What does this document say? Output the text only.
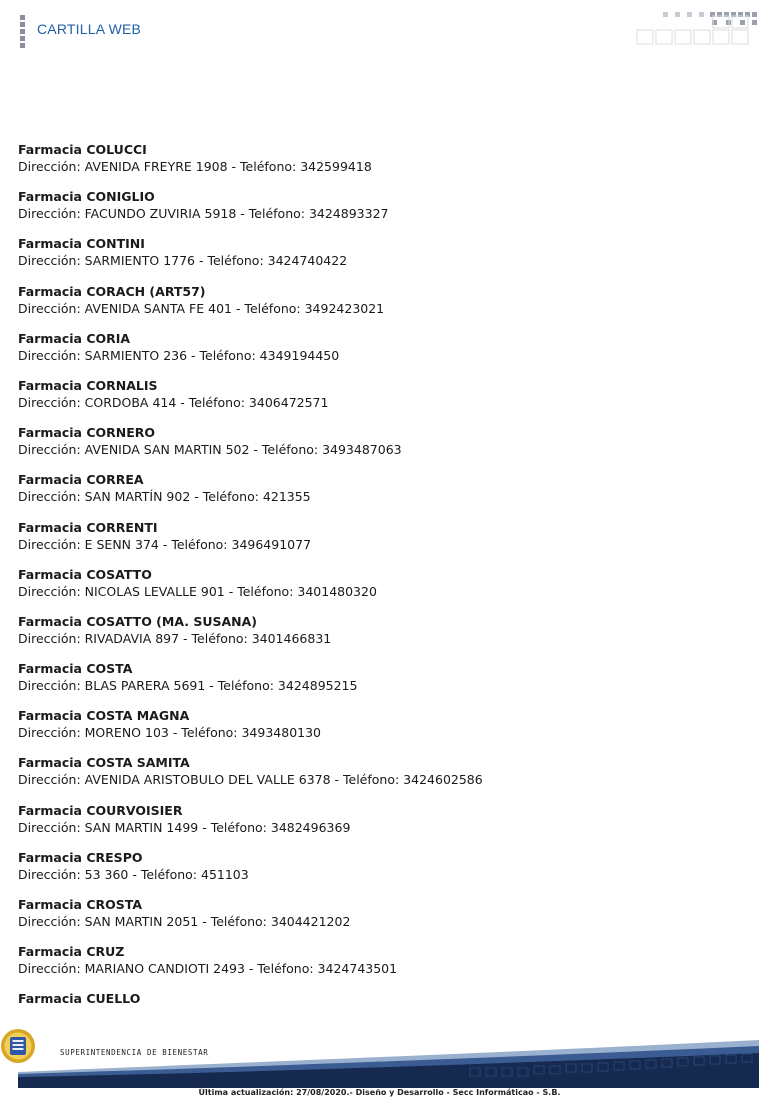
CARTILLA WEB
Farmacia COLUCCI
Dirección: AVENIDA FREYRE 1908 - Teléfono: 342599418
Farmacia CONIGLIO
Dirección: FACUNDO ZUVIRIA 5918 - Teléfono: 3424893327
Farmacia CONTINI
Dirección: SARMIENTO 1776 - Teléfono: 3424740422
Farmacia CORACH (ART57)
Dirección: AVENIDA SANTA FE 401 - Teléfono: 3492423021
Farmacia CORIA
Dirección: SARMIENTO 236 - Teléfono: 4349194450
Farmacia CORNALIS
Dirección: CORDOBA 414 - Teléfono: 3406472571
Farmacia CORNERO
Dirección: AVENIDA SAN MARTIN 502 - Teléfono: 3493487063
Farmacia CORREA
Dirección: SAN MARTÍN 902 - Teléfono: 421355
Farmacia CORRENTI
Dirección: E SENN 374 - Teléfono: 3496491077
Farmacia COSATTO
Dirección: NICOLAS LEVALLE 901 - Teléfono: 3401480320
Farmacia COSATTO (MA. SUSANA)
Dirección: RIVADAVIA 897 - Teléfono: 3401466831
Farmacia COSTA
Dirección: BLAS PARERA 5691 - Teléfono: 3424895215
Farmacia COSTA MAGNA
Dirección: MORENO 103 - Teléfono: 3493480130
Farmacia COSTA SAMITA
Dirección: AVENIDA ARISTOBULO DEL VALLE 6378 - Teléfono: 3424602586
Farmacia COURVOISIER
Dirección: SAN MARTIN 1499 - Teléfono: 3482496369
Farmacia CRESPO
Dirección: 53 360 - Teléfono: 451103
Farmacia CROSTA
Dirección: SAN MARTIN 2051 - Teléfono: 3404421202
Farmacia CRUZ
Dirección: MARIANO CANDIOTI 2493 - Teléfono: 3424743501
Farmacia CUELLO
SUPERINTENDENCIA DE BIENESTAR
Última actualización: 27/08/2020.- Diseño y Desarrollo - Secc Informáticao - S.B.
